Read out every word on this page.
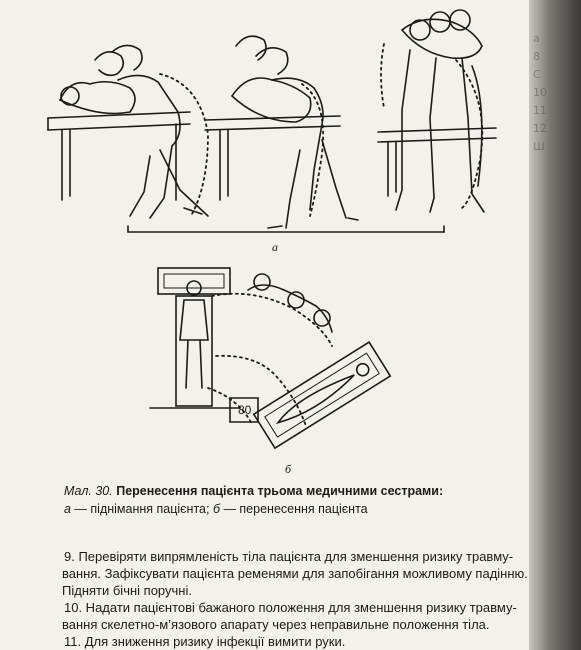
80
а
б
Мал. 30. Перенесення пацієнта трьома медичними сестрами:
а — піднімання пацієнта; б — перенесення пацієнта

9. Перевіряти випрямленість тіла пацієнта для зменшення ризику травму-

вання. Зафіксувати пацієнта ременями для запобігання можливому падінню.

Підняти бічні поручні.

10. Надати пацієнтові бажаного положення для зменшення ризику травму-

вання скелетно-м’язового апарату через неправильне положення тіла.

11. Для зниження ризику інфекції вимити руки.

а
8
С
10
11
12
Ш
